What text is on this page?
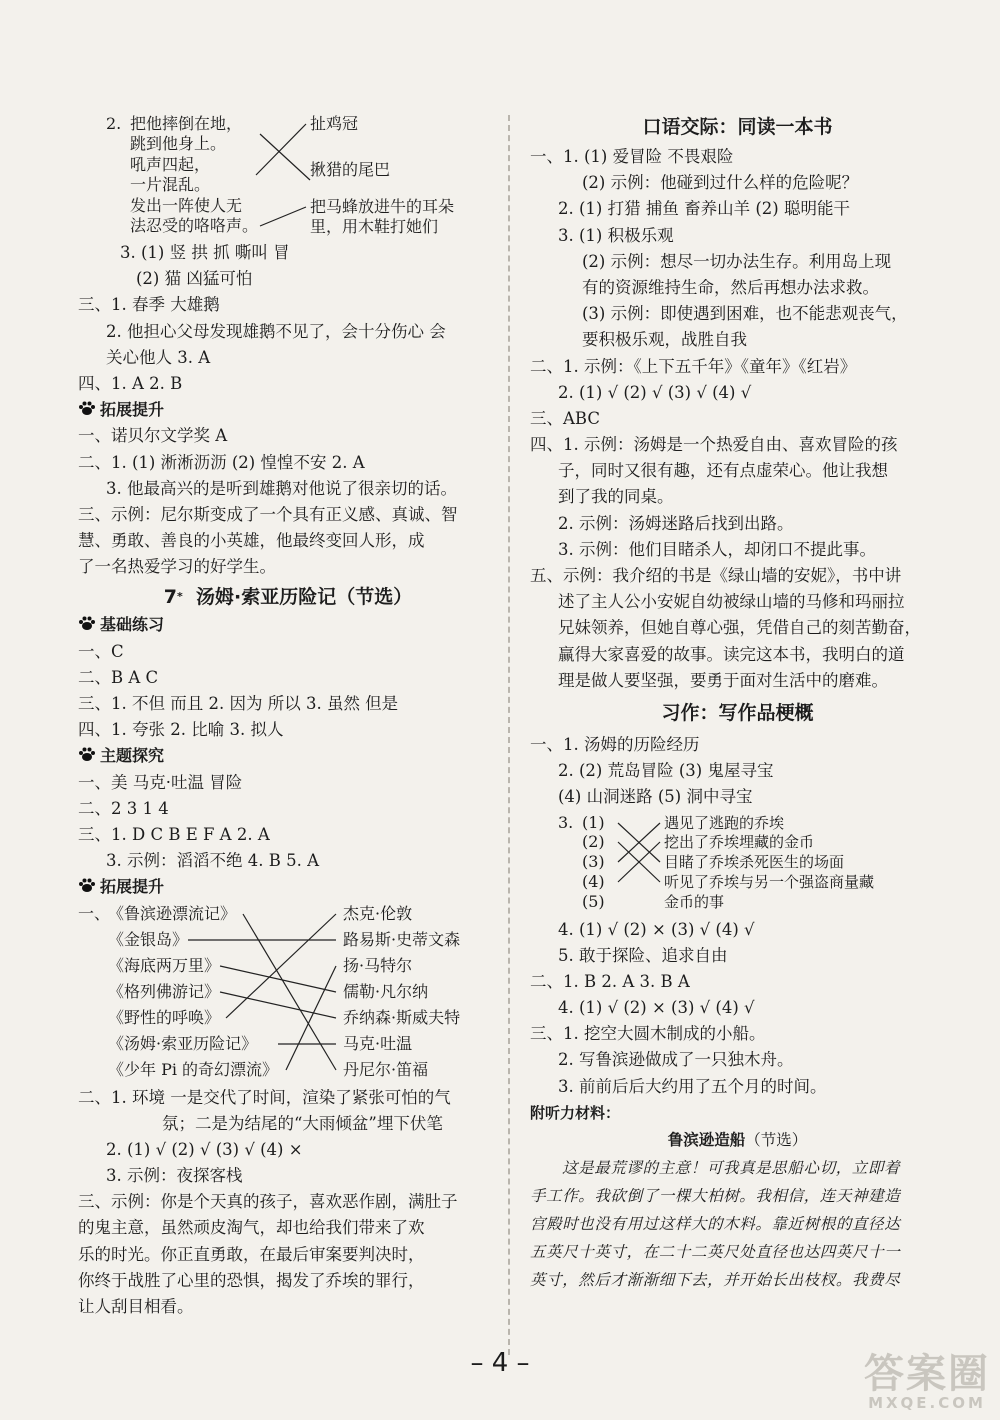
2. 把他摔倒在地，
跳到他身上。
吼声四起，
一片混乱。
发出一阵使人无
法忍受的咯咯声。
扯鸡冠
揪猎的尾巴
把马蜂放进牛的耳朵
里，用木鞋打她们
3. (1) 竖 拱 抓 嘶叫 冒
(2) 猫 凶猛可怕
三、1. 春季 大雄鹅
2. 他担心父母发现雄鹅不见了，会十分伤心 会
关心他人 3. A
四、1. A 2. B
拓展提升
一、诺贝尔文学奖 A
二、1. (1) 淅淅沥沥 (2) 惶惶不安 2. A
3. 他最高兴的是听到雄鹅对他说了很亲切的话。
三、示例：尼尔斯变成了一个具有正义感、真诚、智
慧、勇敢、善良的小英雄，他最终变回人形，成
了一名热爱学习的好学生。
7* 汤姆·索亚历险记（节选）
基础练习
一、C
二、B A C
三、1. 不但 而且 2. 因为 所以 3. 虽然 但是
四、1. 夸张 2. 比喻 3. 拟人
主题探究
一、美 马克·吐温 冒险
二、2 3 1 4
三、1. D C B E F A 2. A
3. 示例：滔滔不绝 4. B 5. A
拓展提升
一、
《鲁滨逊漂流记》
《金银岛》
《海底两万里》
《格列佛游记》
《野性的呼唤》
《汤姆·索亚历险记》
《少年 Pi 的奇幻漂流》
杰克·伦敦
路易斯·史蒂文森
扬·马特尔
儒勒·凡尔纳
乔纳森·斯威夫特
马克·吐温
丹尼尔·笛福
二、1. 环境 一是交代了时间，渲染了紧张可怕的气
氛；二是为结尾的“大雨倾盆”埋下伏笔
2. (1) √ (2) √ (3) √ (4) ×
3. 示例：夜探客栈
三、示例：你是个天真的孩子，喜欢恶作剧，满肚子
的鬼主意，虽然顽皮淘气，却也给我们带来了欢
乐的时光。你正直勇敢，在最后审案要判决时，
你终于战胜了心里的恐惧，揭发了乔埃的罪行，
让人刮目相看。
口语交际：同读一本书
一、1. (1) 爱冒险 不畏艰险
(2) 示例：他碰到过什么样的危险呢？
2. (1) 打猎 捕鱼 畜养山羊 (2) 聪明能干
3. (1) 积极乐观
(2) 示例：想尽一切办法生存。利用岛上现
有的资源维持生命，然后再想办法求救。
(3) 示例：即使遇到困难，也不能悲观丧气，
要积极乐观，战胜自我
二、1. 示例：《上下五千年》《童年》《红岩》
2. (1) √ (2) √ (3) √ (4) √
三、ABC
四、1. 示例：汤姆是一个热爱自由、喜欢冒险的孩
子，同时又很有趣，还有点虚荣心。他让我想
到了我的同桌。
2. 示例：汤姆迷路后找到出路。
3. 示例：他们目睹杀人，却闭口不提此事。
五、示例：我介绍的书是《绿山墙的安妮》，书中讲
述了主人公小安妮自幼被绿山墙的马修和玛丽拉
兄妹领养，但她自尊心强，凭借自己的刻苦勤奋，
赢得大家喜爱的故事。读完这本书，我明白的道
理是做人要坚强，要勇于面对生活中的磨难。
习作：写作品梗概
一、1. 汤姆的历险经历
2. (2) 荒岛冒险 (3) 鬼屋寻宝
(4) 山洞迷路 (5) 洞中寻宝
3. (1)
(2)
(3)
(4)
(5)
遇见了逃跑的乔埃
挖出了乔埃埋藏的金币
目睹了乔埃杀死医生的场面
听见了乔埃与另一个强盗商量藏
金币的事
4. (1) √ (2) × (3) √ (4) √
5. 敢于探险、追求自由
二、1. B 2. A 3. B A
4. (1) √ (2) × (3) √ (4) √
三、1. 挖空大圆木制成的小船。
2. 写鲁滨逊做成了一只独木舟。
3. 前前后后大约用了五个月的时间。
附听力材料：
鲁滨逊造船（节选）
这是最荒谬的主意！可我真是思船心切，立即着
手工作。我砍倒了一棵大柏树。我相信，连天神建造
宫殿时也没有用过这样大的木料。靠近树根的直径达
五英尺十英寸，在二十二英尺处直径也达四英尺十一
英寸，然后才渐渐细下去，并开始长出枝杈。我费尽
– 4 –	答案圈
MXQE.COM
